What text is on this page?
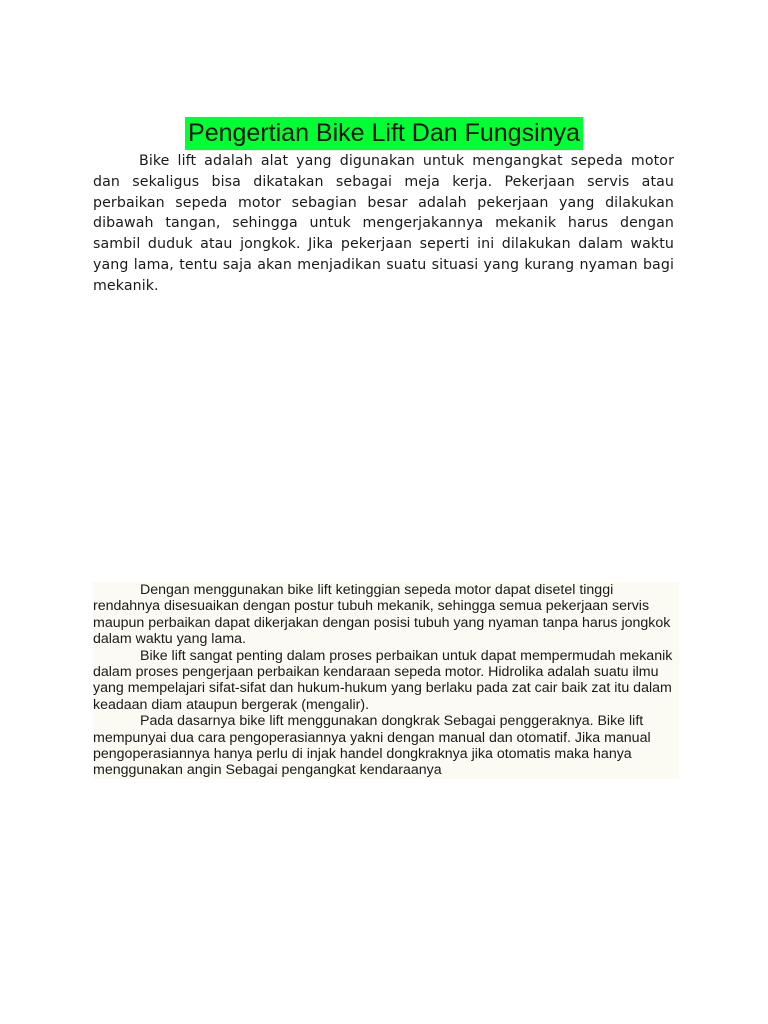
Pengertian Bike Lift Dan Fungsinya

Bike lift adalah alat yang digunakan untuk mengangkat sepeda motor dan sekaligus bisa dikatakan sebagai meja kerja. Pekerjaan servis atau perbaikan sepeda motor sebagian besar adalah pekerjaan yang dilakukan dibawah tangan, sehingga untuk mengerjakannya mekanik harus dengan sambil duduk atau jongkok. Jika pekerjaan seperti ini dilakukan dalam waktu yang lama, tentu saja akan menjadikan suatu situasi yang kurang nyaman bagi mekanik.

Dengan menggunakan bike lift ketinggian sepeda motor dapat disetel tinggi rendahnya disesuaikan dengan postur tubuh mekanik, sehingga semua pekerjaan servis maupun perbaikan dapat dikerjakan dengan posisi tubuh yang nyaman tanpa harus jongkok dalam waktu yang lama.

Bike lift sangat penting dalam proses perbaikan untuk dapat mempermudah mekanik dalam proses pengerjaan perbaikan kendaraan sepeda motor. Hidrolika adalah suatu ilmu yang mempelajari sifat-sifat dan hukum-hukum yang berlaku pada zat cair baik zat itu dalam keadaan diam ataupun bergerak (mengalir).

Pada dasarnya bike lift menggunakan dongkrak Sebagai penggeraknya. Bike lift mempunyai dua cara pengoperasiannya yakni dengan manual dan otomatif. Jika manual pengoperasiannya hanya perlu di injak handel dongkraknya jika otomatis maka hanya menggunakan angin Sebagai pengangkat kendaraanya
